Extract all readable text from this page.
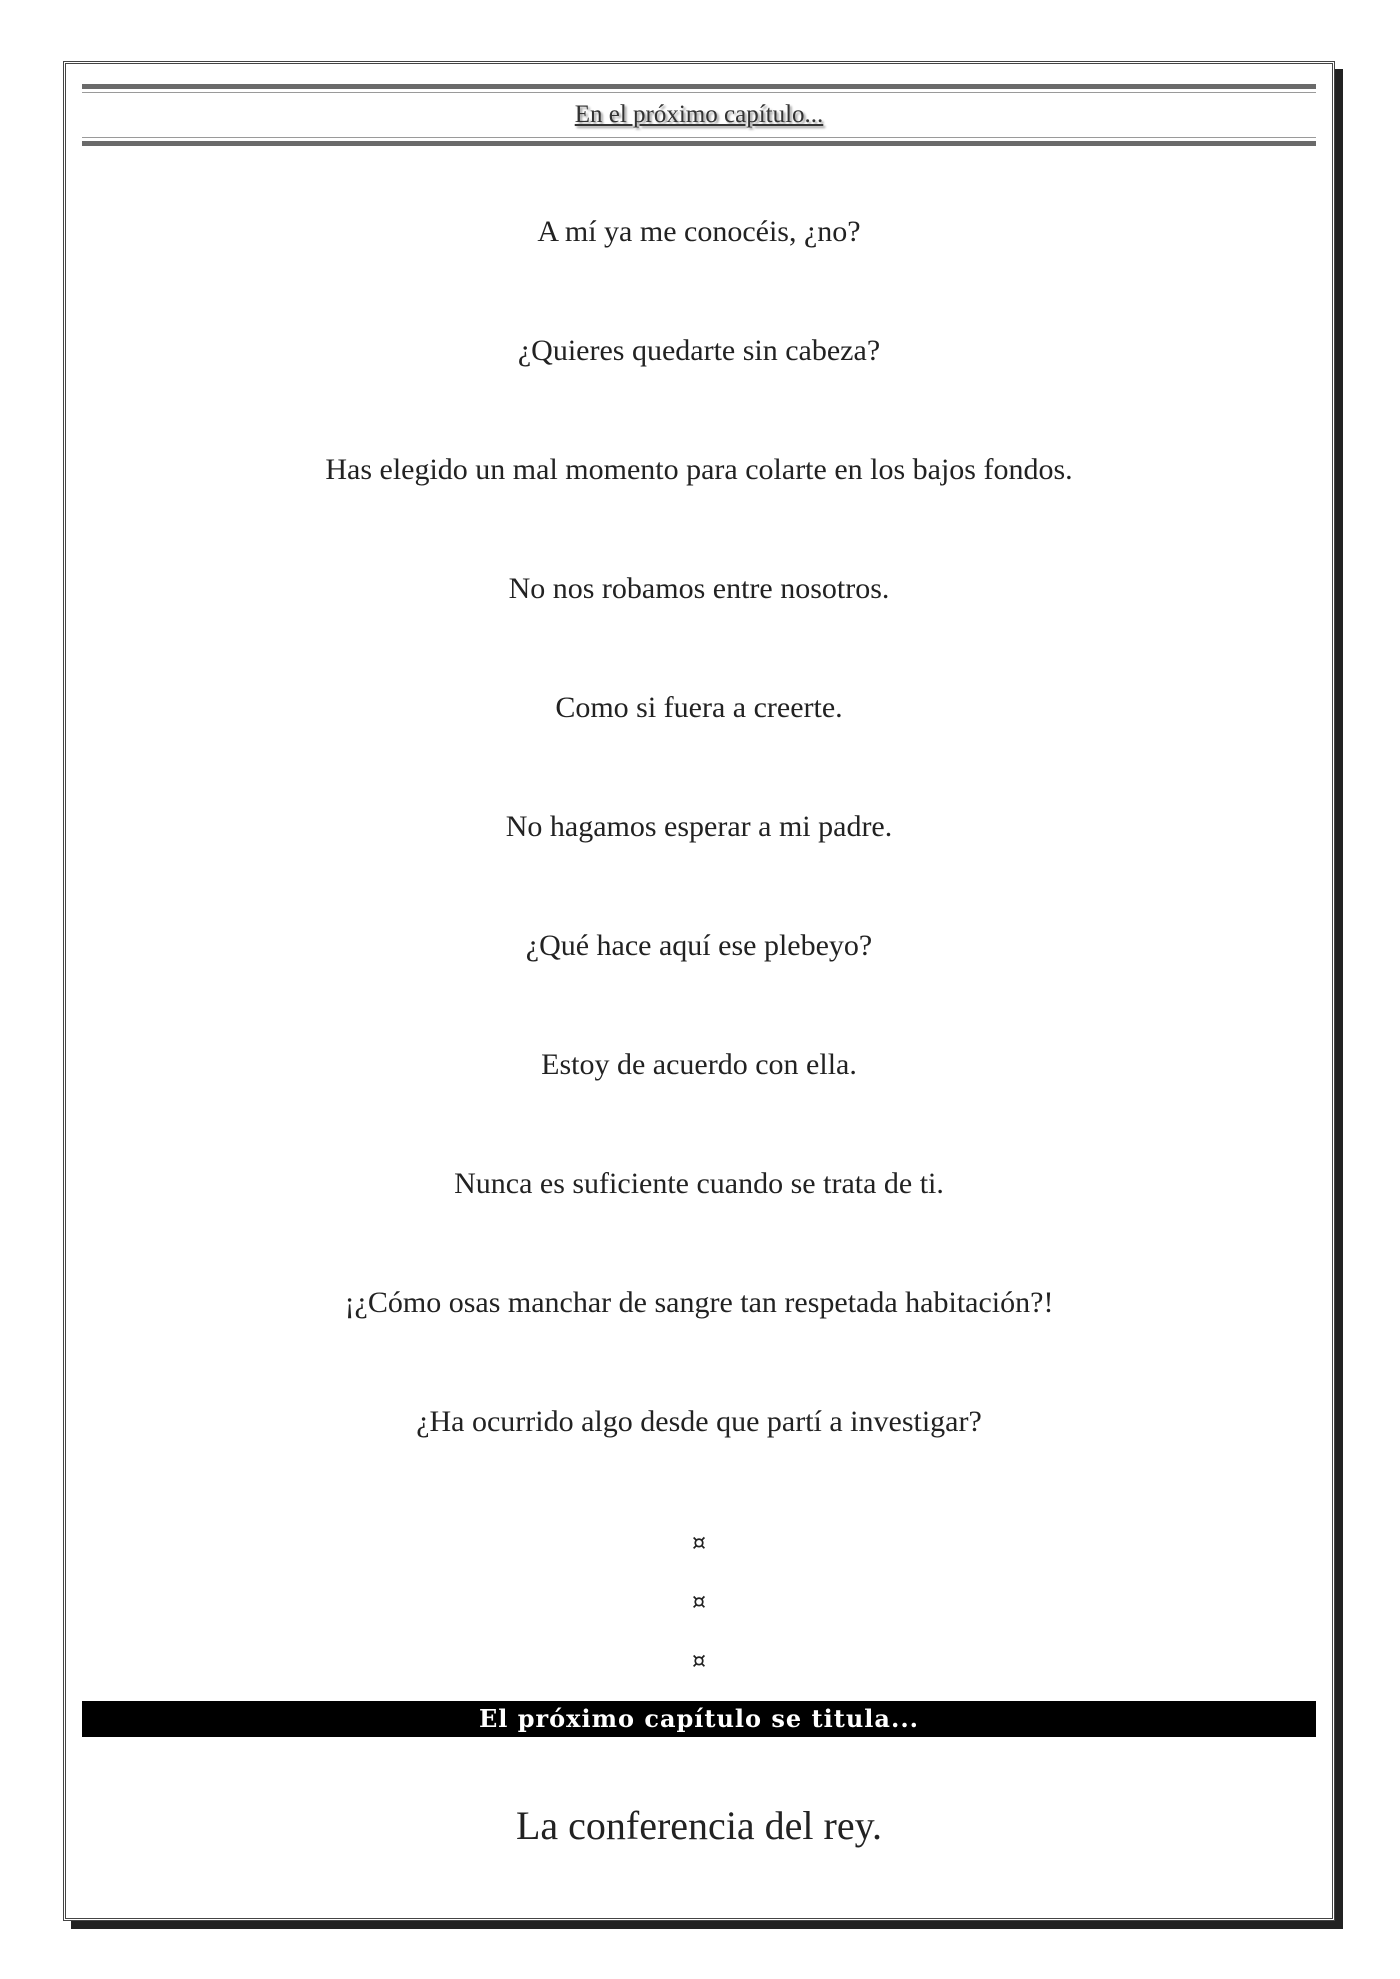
En el próximo capítulo...
A mí ya me conocéis, ¿no?
¿Quieres quedarte sin cabeza?
Has elegido un mal momento para colarte en los bajos fondos.
No nos robamos entre nosotros.
Como si fuera a creerte.
No hagamos esperar a mi padre.
¿Qué hace aquí ese plebeyo?
Estoy de acuerdo con ella.
Nunca es suficiente cuando se trata de ti.
¡¿Cómo osas manchar de sangre tan respetada habitación?!
¿Ha ocurrido algo desde que partí a investigar?
¤
¤
¤
El próximo capítulo se titula...
La conferencia del rey.
